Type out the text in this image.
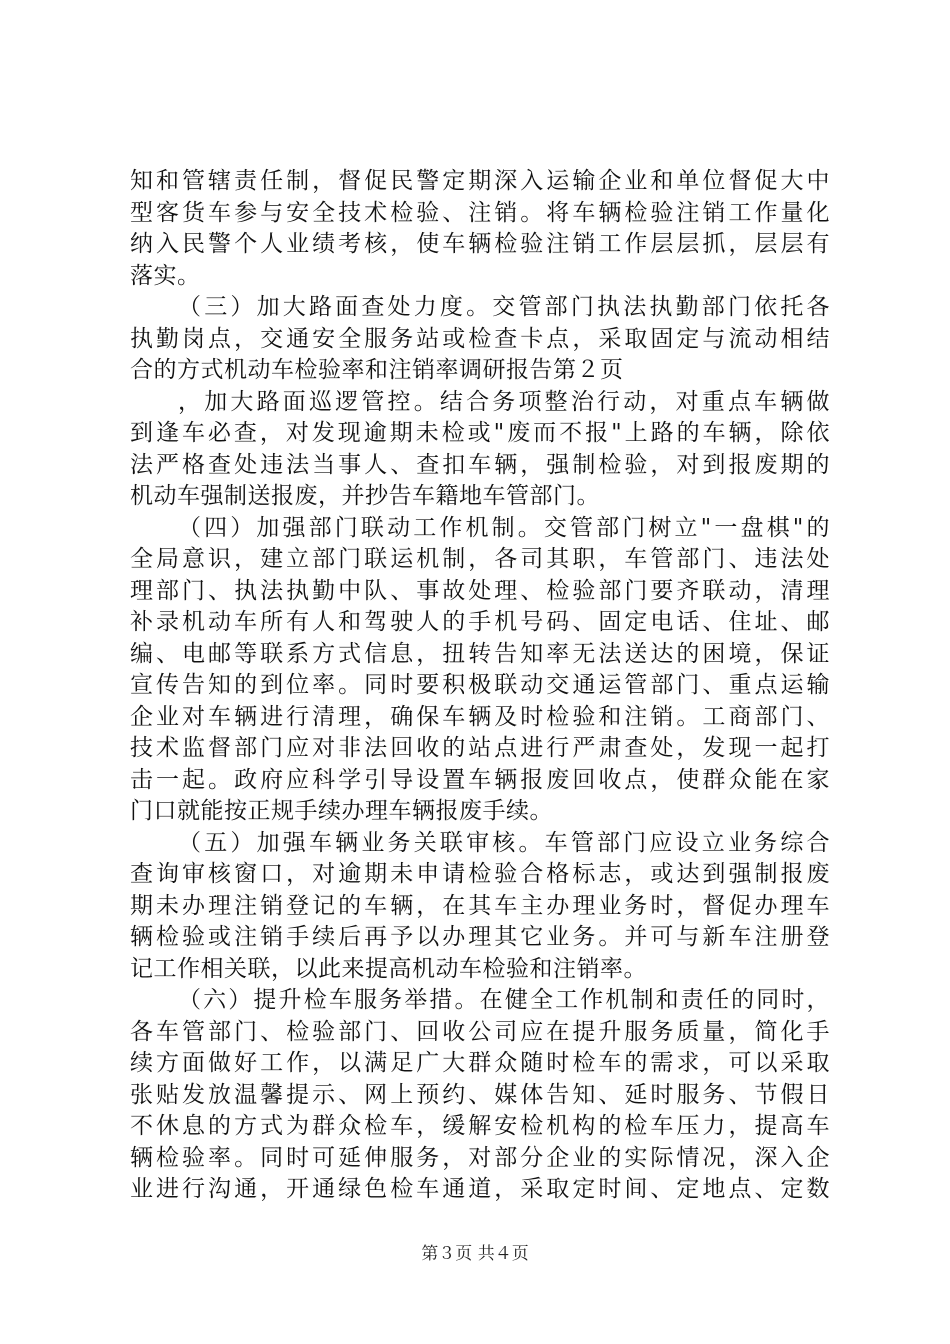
知和管辖责任制，督促民警定期深入运输企业和单位督促大中
型客货车参与安全技术检验、注销。将车辆检验注销工作量化
纳入民警个人业绩考核，使车辆检验注销工作层层抓，层层有
落实。
（三）加大路面查处力度。交管部门执法执勤部门依托各
执勤岗点，交通安全服务站或检查卡点，采取固定与流动相结
合的方式机动车检验率和注销率调研报告第２页
，加大路面巡逻管控。结合务项整治行动，对重点车辆做
到逢车必查，对发现逾期未检或"废而不报"上路的车辆，除依
法严格查处违法当事人、查扣车辆，强制检验，对到报废期的
机动车强制送报废，并抄告车籍地车管部门。
（四）加强部门联动工作机制。交管部门树立"一盘棋"的
全局意识，建立部门联运机制，各司其职，车管部门、违法处
理部门、执法执勤中队、事故处理、检验部门要齐联动，清理
补录机动车所有人和驾驶人的手机号码、固定电话、住址、邮
编、电邮等联系方式信息，扭转告知率无法送达的困境，保证
宣传告知的到位率。同时要积极联动交通运管部门、重点运输
企业对车辆进行清理，确保车辆及时检验和注销。工商部门、
技术监督部门应对非法回收的站点进行严肃查处，发现一起打
击一起。政府应科学引导设置车辆报废回收点，使群众能在家
门口就能按正规手续办理车辆报废手续。
（五）加强车辆业务关联审核。车管部门应设立业务综合
查询审核窗口，对逾期未申请检验合格标志，或达到强制报废
期未办理注销登记的车辆，在其车主办理业务时，督促办理车
辆检验或注销手续后再予以办理其它业务。并可与新车注册登
记工作相关联，以此来提高机动车检验和注销率。
（六）提升检车服务举措。在健全工作机制和责任的同时，
各车管部门、检验部门、回收公司应在提升服务质量，简化手
续方面做好工作，以满足广大群众随时检车的需求，可以采取
张贴发放温馨提示、网上预约、媒体告知、延时服务、节假日
不休息的方式为群众检车，缓解安检机构的检车压力，提高车
辆检验率。同时可延伸服务，对部分企业的实际情况，深入企
业进行沟通，开通绿色检车通道，采取定时间、定地点、定数
第３页 共４页
